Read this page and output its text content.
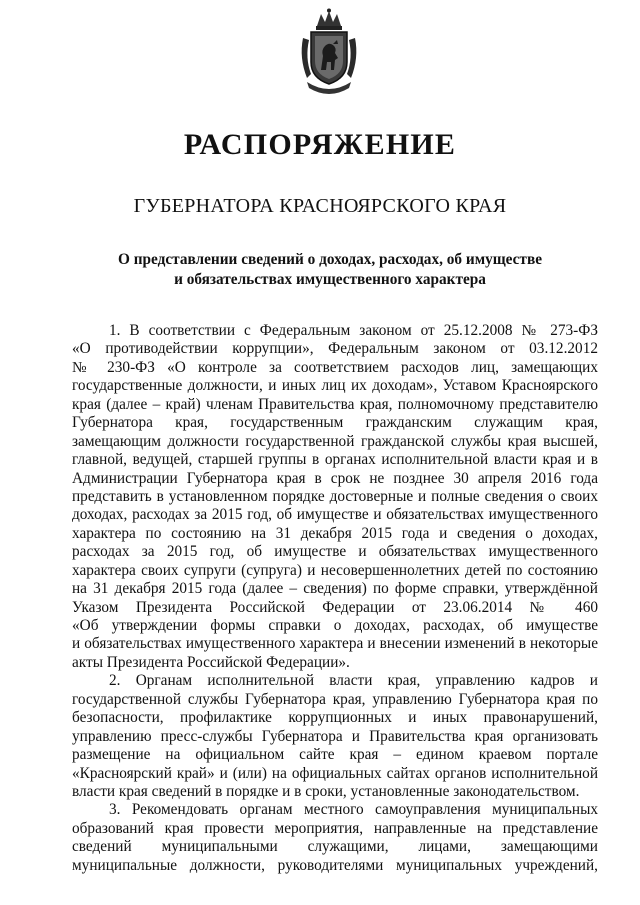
РАСПОРЯЖЕНИЕ
ГУБЕРНАТОРА КРАСНОЯРСКОГО КРАЯ
О представлении сведений о доходах, расходах, об имуществе
и обязательствах имущественного характера
1. В соответствии с Федеральным законом от 25.12.2008 № 273-ФЗ
«О противодействии коррупции», Федеральным законом от 03.12.2012
№ 230-ФЗ «О контроле за соответствием расходов лиц, замещающих
государственные должности, и иных лиц их доходам», Уставом Красноярского
края (далее – край) членам Правительства края, полномочному представителю
Губернатора края, государственным гражданским служащим края,
замещающим должности государственной гражданской службы края высшей,
главной, ведущей, старшей группы в органах исполнительной власти края и в
Администрации Губернатора края в срок не позднее 30 апреля 2016 года
представить в установленном порядке достоверные и полные сведения о своих
доходах, расходах за 2015 год, об имуществе и обязательствах имущественного
характера по состоянию на 31 декабря 2015 года и сведения о доходах,
расходах за 2015 год, об имуществе и обязательствах имущественного
характера своих супруги (супруга) и несовершеннолетних детей по состоянию
на 31 декабря 2015 года (далее – сведения) по форме справки, утверждённой
Указом Президента Российской Федерации от 23.06.2014 № 460
«Об утверждении формы справки о доходах, расходах, об имуществе
и обязательствах имущественного характера и внесении изменений в некоторые
акты Президента Российской Федерации».
2. Органам исполнительной власти края, управлению кадров и
государственной службы Губернатора края, управлению Губернатора края по
безопасности, профилактике коррупционных и иных правонарушений,
управлению пресс-службы Губернатора и Правительства края организовать
размещение на официальном сайте края – едином краевом портале
«Красноярский край» и (или) на официальных сайтах органов исполнительной
власти края сведений в порядке и в сроки, установленные законодательством.
3. Рекомендовать органам местного самоуправления муниципальных
образований края провести мероприятия, направленные на представление
сведений муниципальными служащими, лицами, замещающими
муниципальные должности, руководителями муниципальных учреждений,
